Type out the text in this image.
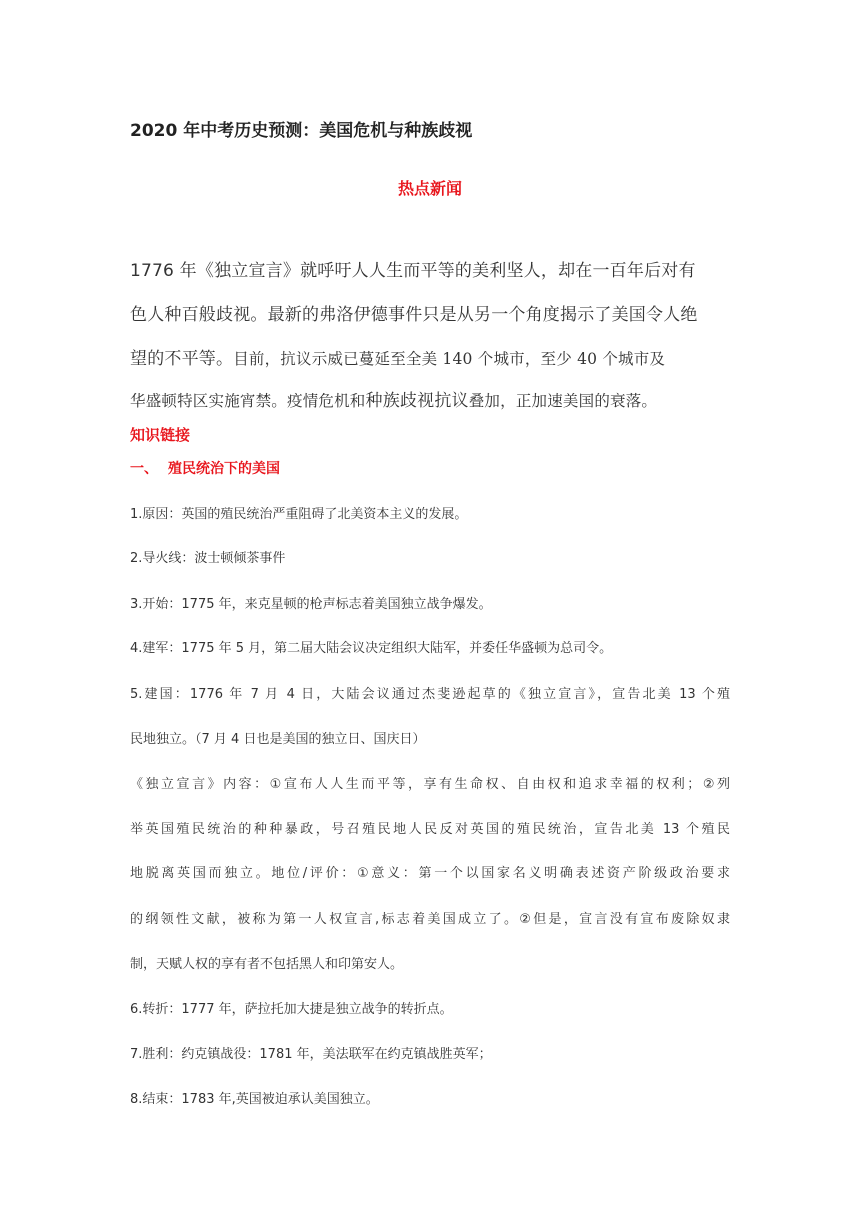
2020 年中考历史预测：美国危机与种族歧视
热点新闻
1776 年《独立宣言》就呼吁人人生而平等的美利坚人，却在一百年后对有
色人种百般歧视。最新的弗洛伊德事件只是从另一个角度揭示了美国令人绝
望的不平等。目前，抗议示威已蔓延至全美 140 个城市，至少 40 个城市及
华盛顿特区实施宵禁。疫情危机和种族歧视抗议叠加，正加速美国的衰落。
知识链接
一、 殖民统治下的美国
1.原因：英国的殖民统治严重阻碍了北美资本主义的发展。
2.导火线：波士顿倾茶事件
3.开始：1775 年，来克星顿的枪声标志着美国独立战争爆发。
4.建军：1775 年 5 月，第二届大陆会议决定组织大陆军，并委任华盛顿为总司令。
5.建国：1776 年 7 月 4 日，大陆会议通过杰斐逊起草的《独立宣言》，宣告北美 13 个殖
民地独立。（7 月 4 日也是美国的独立日、国庆日）
《独立宣言》内容：①宣布人人生而平等，享有生命权、自由权和追求幸福的权利；②列
举英国殖民统治的种种暴政，号召殖民地人民反对英国的殖民统治，宣告北美 13 个殖民
地脱离英国而独立。地位/评价：①意义：第一个以国家名义明确表述资产阶级政治要求
的纲领性文献，被称为第一人权宣言,标志着美国成立了。②但是，宣言没有宣布废除奴隶
制，天赋人权的享有者不包括黑人和印第安人。
6.转折：1777 年，萨拉托加大捷是独立战争的转折点。
7.胜利：约克镇战役：1781 年，美法联军在约克镇战胜英军；
8.结束：1783 年,英国被迫承认美国独立。
